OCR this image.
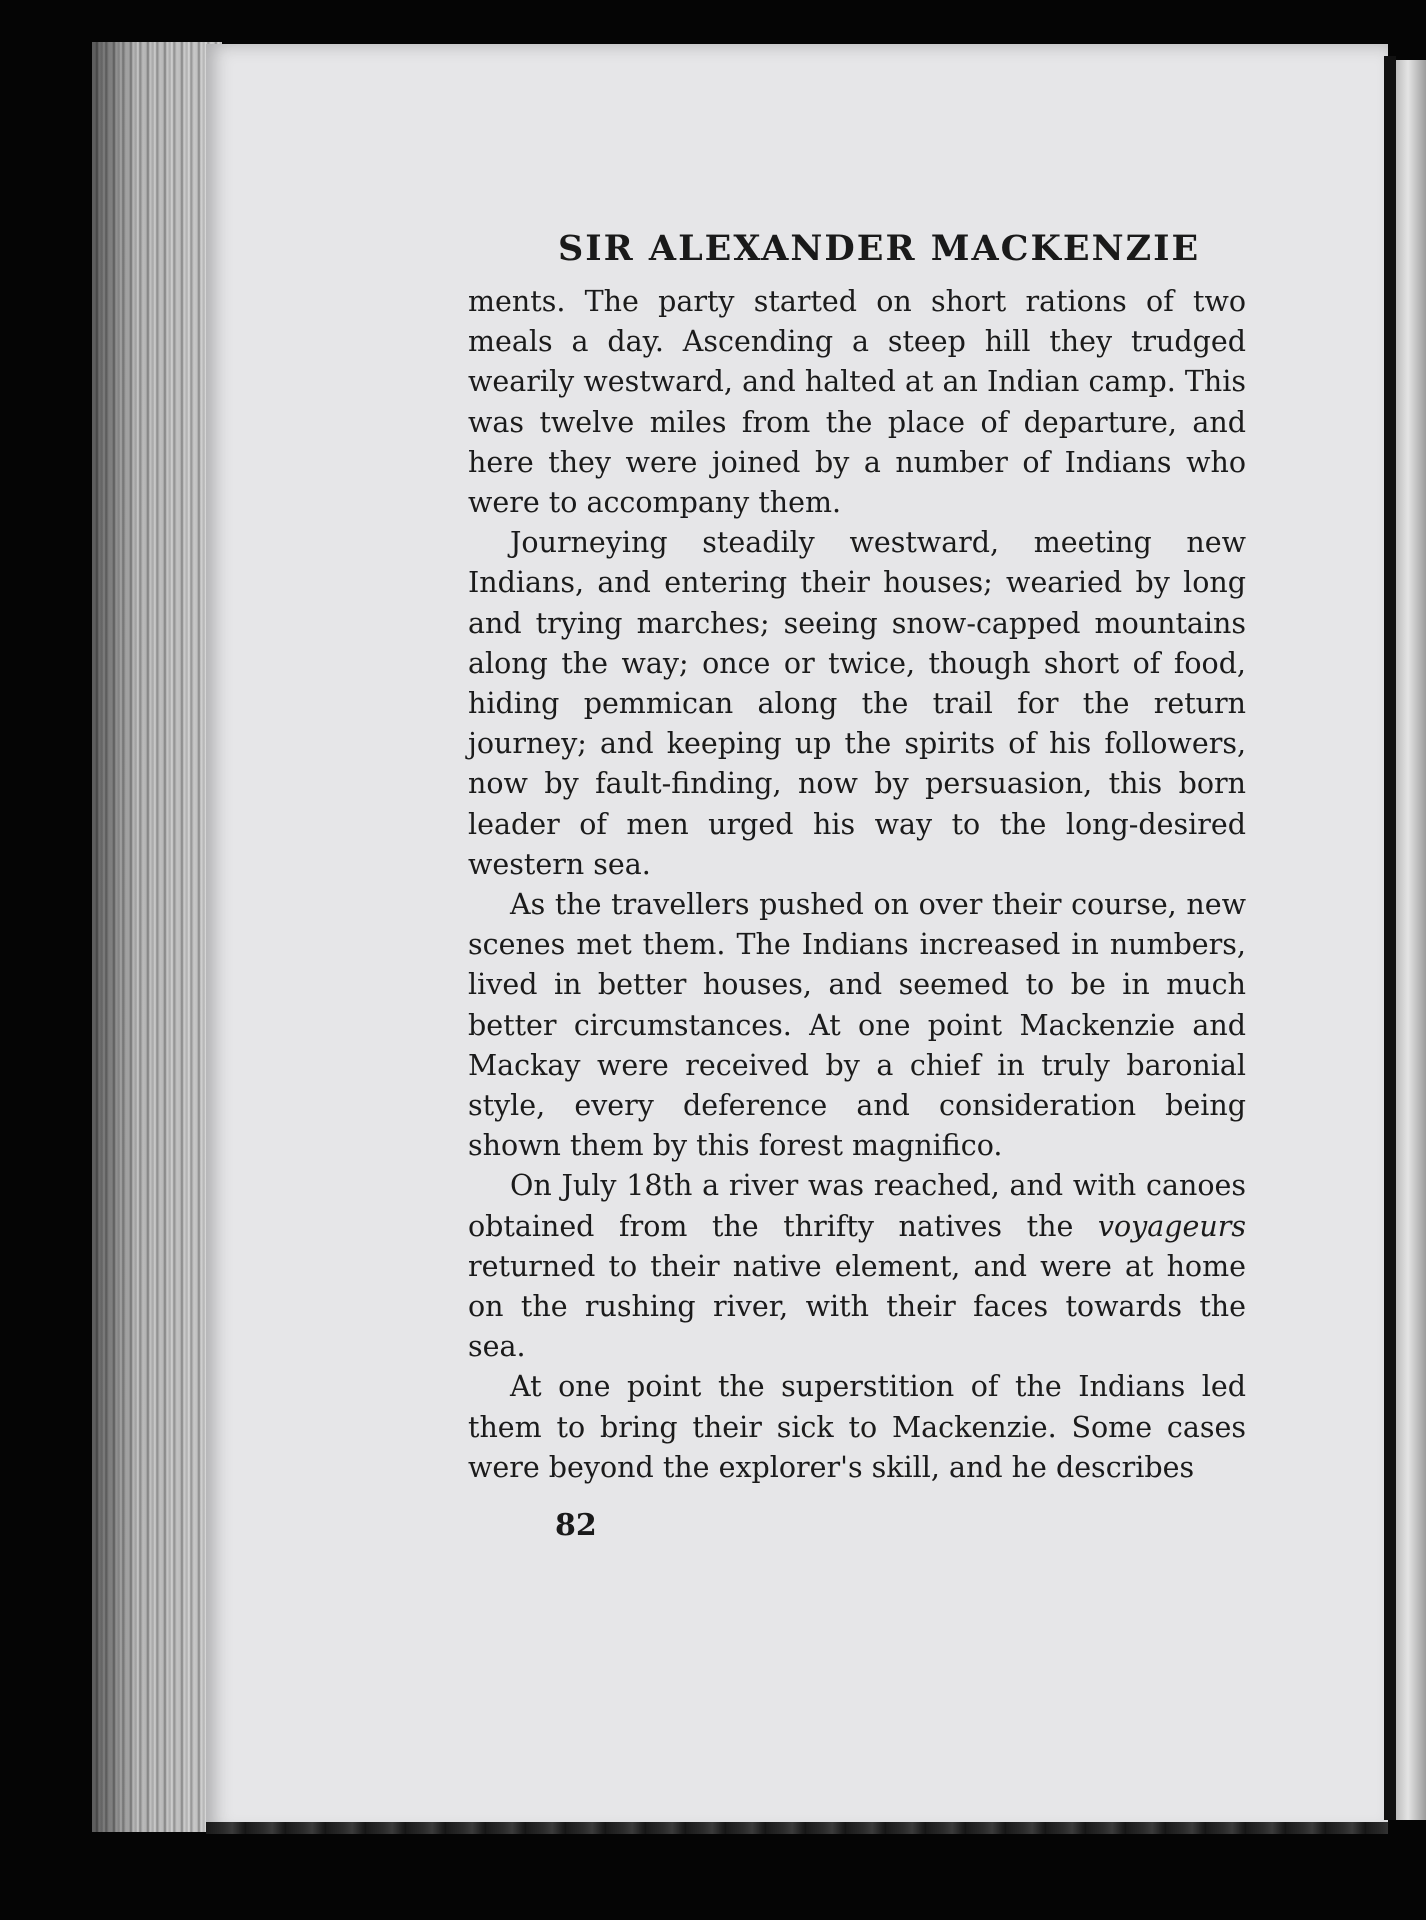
SIR ALEXANDER MACKENZIE

ments. The party started on short rations of two meals a day. Ascending a steep hill they trudged wearily westward, and halted at an Indian camp. This was twelve miles from the place of departure, and here they were joined by a number of Indians who were to accompany them.

Journeying steadily westward, meeting new Indians, and entering their houses; wearied by long and trying marches; seeing snow-capped mountains along the way; once or twice, though short of food, hiding pemmican along the trail for the return journey; and keeping up the spirits of his followers, now by fault-finding, now by persuasion, this born leader of men urged his way to the long-desired western sea.

As the travellers pushed on over their course, new scenes met them. The Indians increased in numbers, lived in better houses, and seemed to be in much better circumstances. At one point Mackenzie and Mackay were received by a chief in truly baronial style, every deference and consideration being shown them by this forest magnifico.

On July 18th a river was reached, and with canoes obtained from the thrifty natives the voyageurs returned to their native element, and were at home on the rushing river, with their faces towards the sea.

At one point the superstition of the Indians led them to bring their sick to Mackenzie. Some cases were beyond the explorer's skill, and he describes

82
